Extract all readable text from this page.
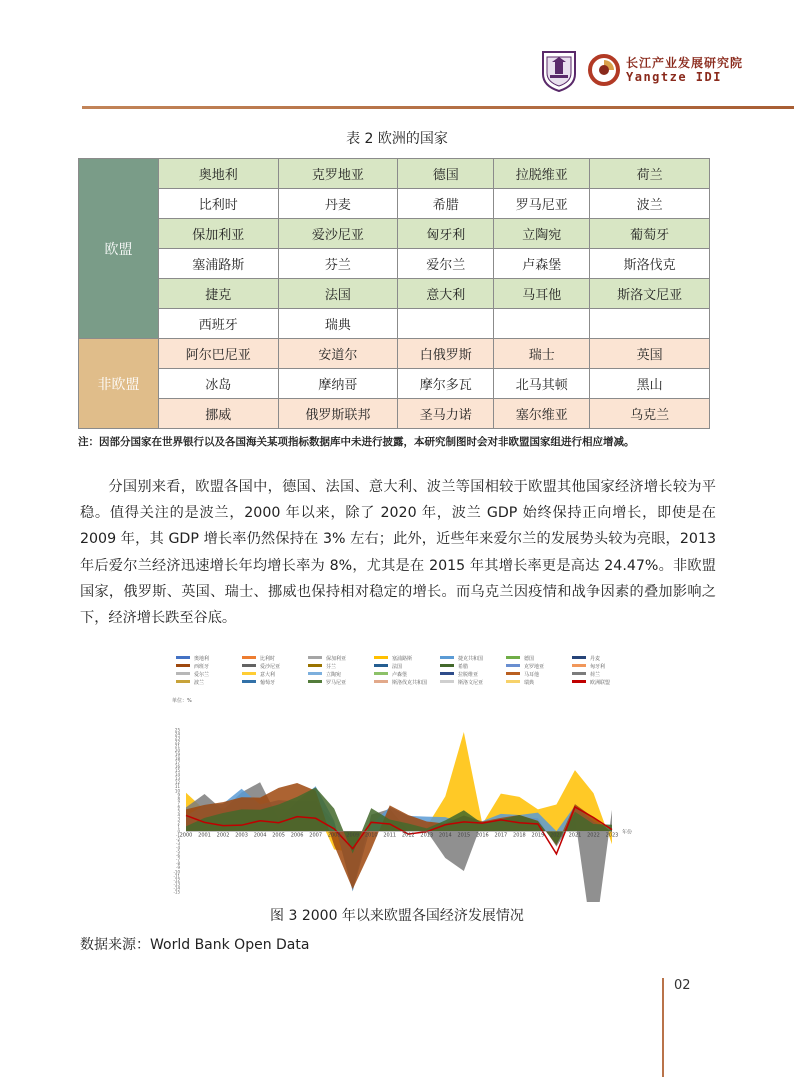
长江产业发展研究院
Yangtze IDI
表 2 欧洲的国家
欧盟	奥地利	克罗地亚	德国	拉脱维亚	荷兰
	比利时	丹麦	希腊	罗马尼亚	波兰
	保加利亚	爱沙尼亚	匈牙利	立陶宛	葡萄牙
	塞浦路斯	芬兰	爱尔兰	卢森堡	斯洛伐克
	捷克	法国	意大利	马耳他	斯洛文尼亚
	西班牙	瑞典			
非欧盟	阿尔巴尼亚	安道尔	白俄罗斯	瑞士	英国
	冰岛	摩纳哥	摩尔多瓦	北马其顿	黑山
	挪威	俄罗斯联邦	圣马力诺	塞尔维亚	乌克兰
注：因部分国家在世界银行以及各国海关某项指标数据库中未进行披露，本研究制图时会对非欧盟国家组进行相应增减。

分国别来看，欧盟各国中，德国、法国、意大利、波兰等国相较于欧盟其他国家经济增长较为平稳。值得关注的是波兰，2000 年以来，除了 2020 年，波兰 GDP 始终保持正向增长，即使是在 2009 年，其 GDP 增长率仍然保持在 3% 左右；此外，近些年来爱尔兰的发展势头较为亮眼，2013 年后爱尔兰经济迅速增长年均增长率为 8%，尤其是在 2015 年其增长率更是高达 24.47%。非欧盟国家，俄罗斯、英国、瑞士、挪威也保持相对稳定的增长。而乌克兰因疫情和战争因素的叠加影响之下，经济增长跌至谷底。

奥地利	比利时	保加利亚	塞浦路斯	捷克共和国	德国	丹麦
西班牙	爱沙尼亚	芬兰	法国	希腊	克罗地亚	匈牙利
爱尔兰	意大利	立陶宛	卢森堡	拉脱维亚	马耳他	荷兰
波兰	葡萄牙	罗马尼亚	斯洛伐克共和国	斯洛文尼亚	瑞典	欧洲联盟
单位：%
25
24
23
22
21
20
19
18
17
16
15
14
13
12
11
10
9
8
7
6
5
4
3
2
1
0
-1
-2
-3
-4
-5
-6
-7
-8
-9
-10
-11
-12
-13
-14
-15
2000 2001 2002 2003 2004 2005 2006 2007 2008 2009 2010 2011 2012 2013 2014 2015 2016 2017 2018 2019 2020 2021 2022 2023 年份
图 3 2000 年以来欧盟各国经济发展情况
数据来源：World Bank Open Data
02
